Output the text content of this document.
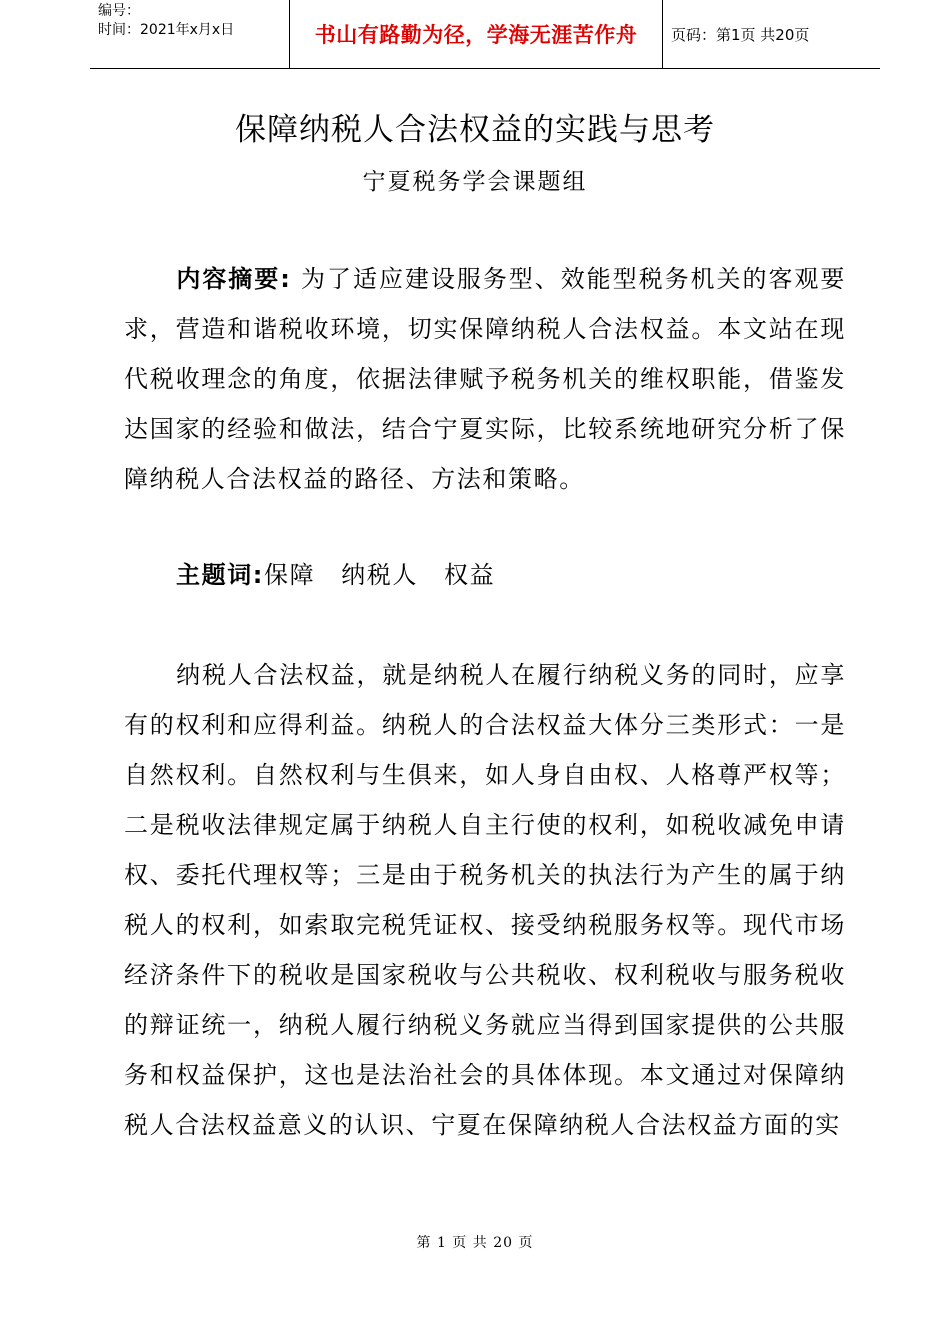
编号：
时间：2021年x月x日	书山有路勤为径，学海无涯苦作舟 页码：第1页 共20页
保障纳税人合法权益的实践与思考
宁夏税务学会课题组

内容摘要: 为了适应建设服务型、效能型税务机关的客观要求，营造和谐税收环境，切实保障纳税人合法权益。本文站在现代税收理念的角度，依据法律赋予税务机关的维权职能，借鉴发达国家的经验和做法，结合宁夏实际，比较系统地研究分析了保障纳税人合法权益的路径、方法和策略。

主题词:保障 纳税人 权益

纳税人合法权益，就是纳税人在履行纳税义务的同时，应享有的权利和应得利益。纳税人的合法权益大体分三类形式：一是自然权利。自然权利与生俱来，如人身自由权、人格尊严权等；二是税收法律规定属于纳税人自主行使的权利，如税收减免申请权、委托代理权等；三是由于税务机关的执法行为产生的属于纳税人的权利，如索取完税凭证权、接受纳税服务权等。现代市场经济条件下的税收是国家税收与公共税收、权利税收与服务税收的辩证统一，纳税人履行纳税义务就应当得到国家提供的公共服务和权益保护，这也是法治社会的具体体现。本文通过对保障纳税人合法权益意义的认识、宁夏在保障纳税人合法权益方面的实

第 1 页 共 20 页
